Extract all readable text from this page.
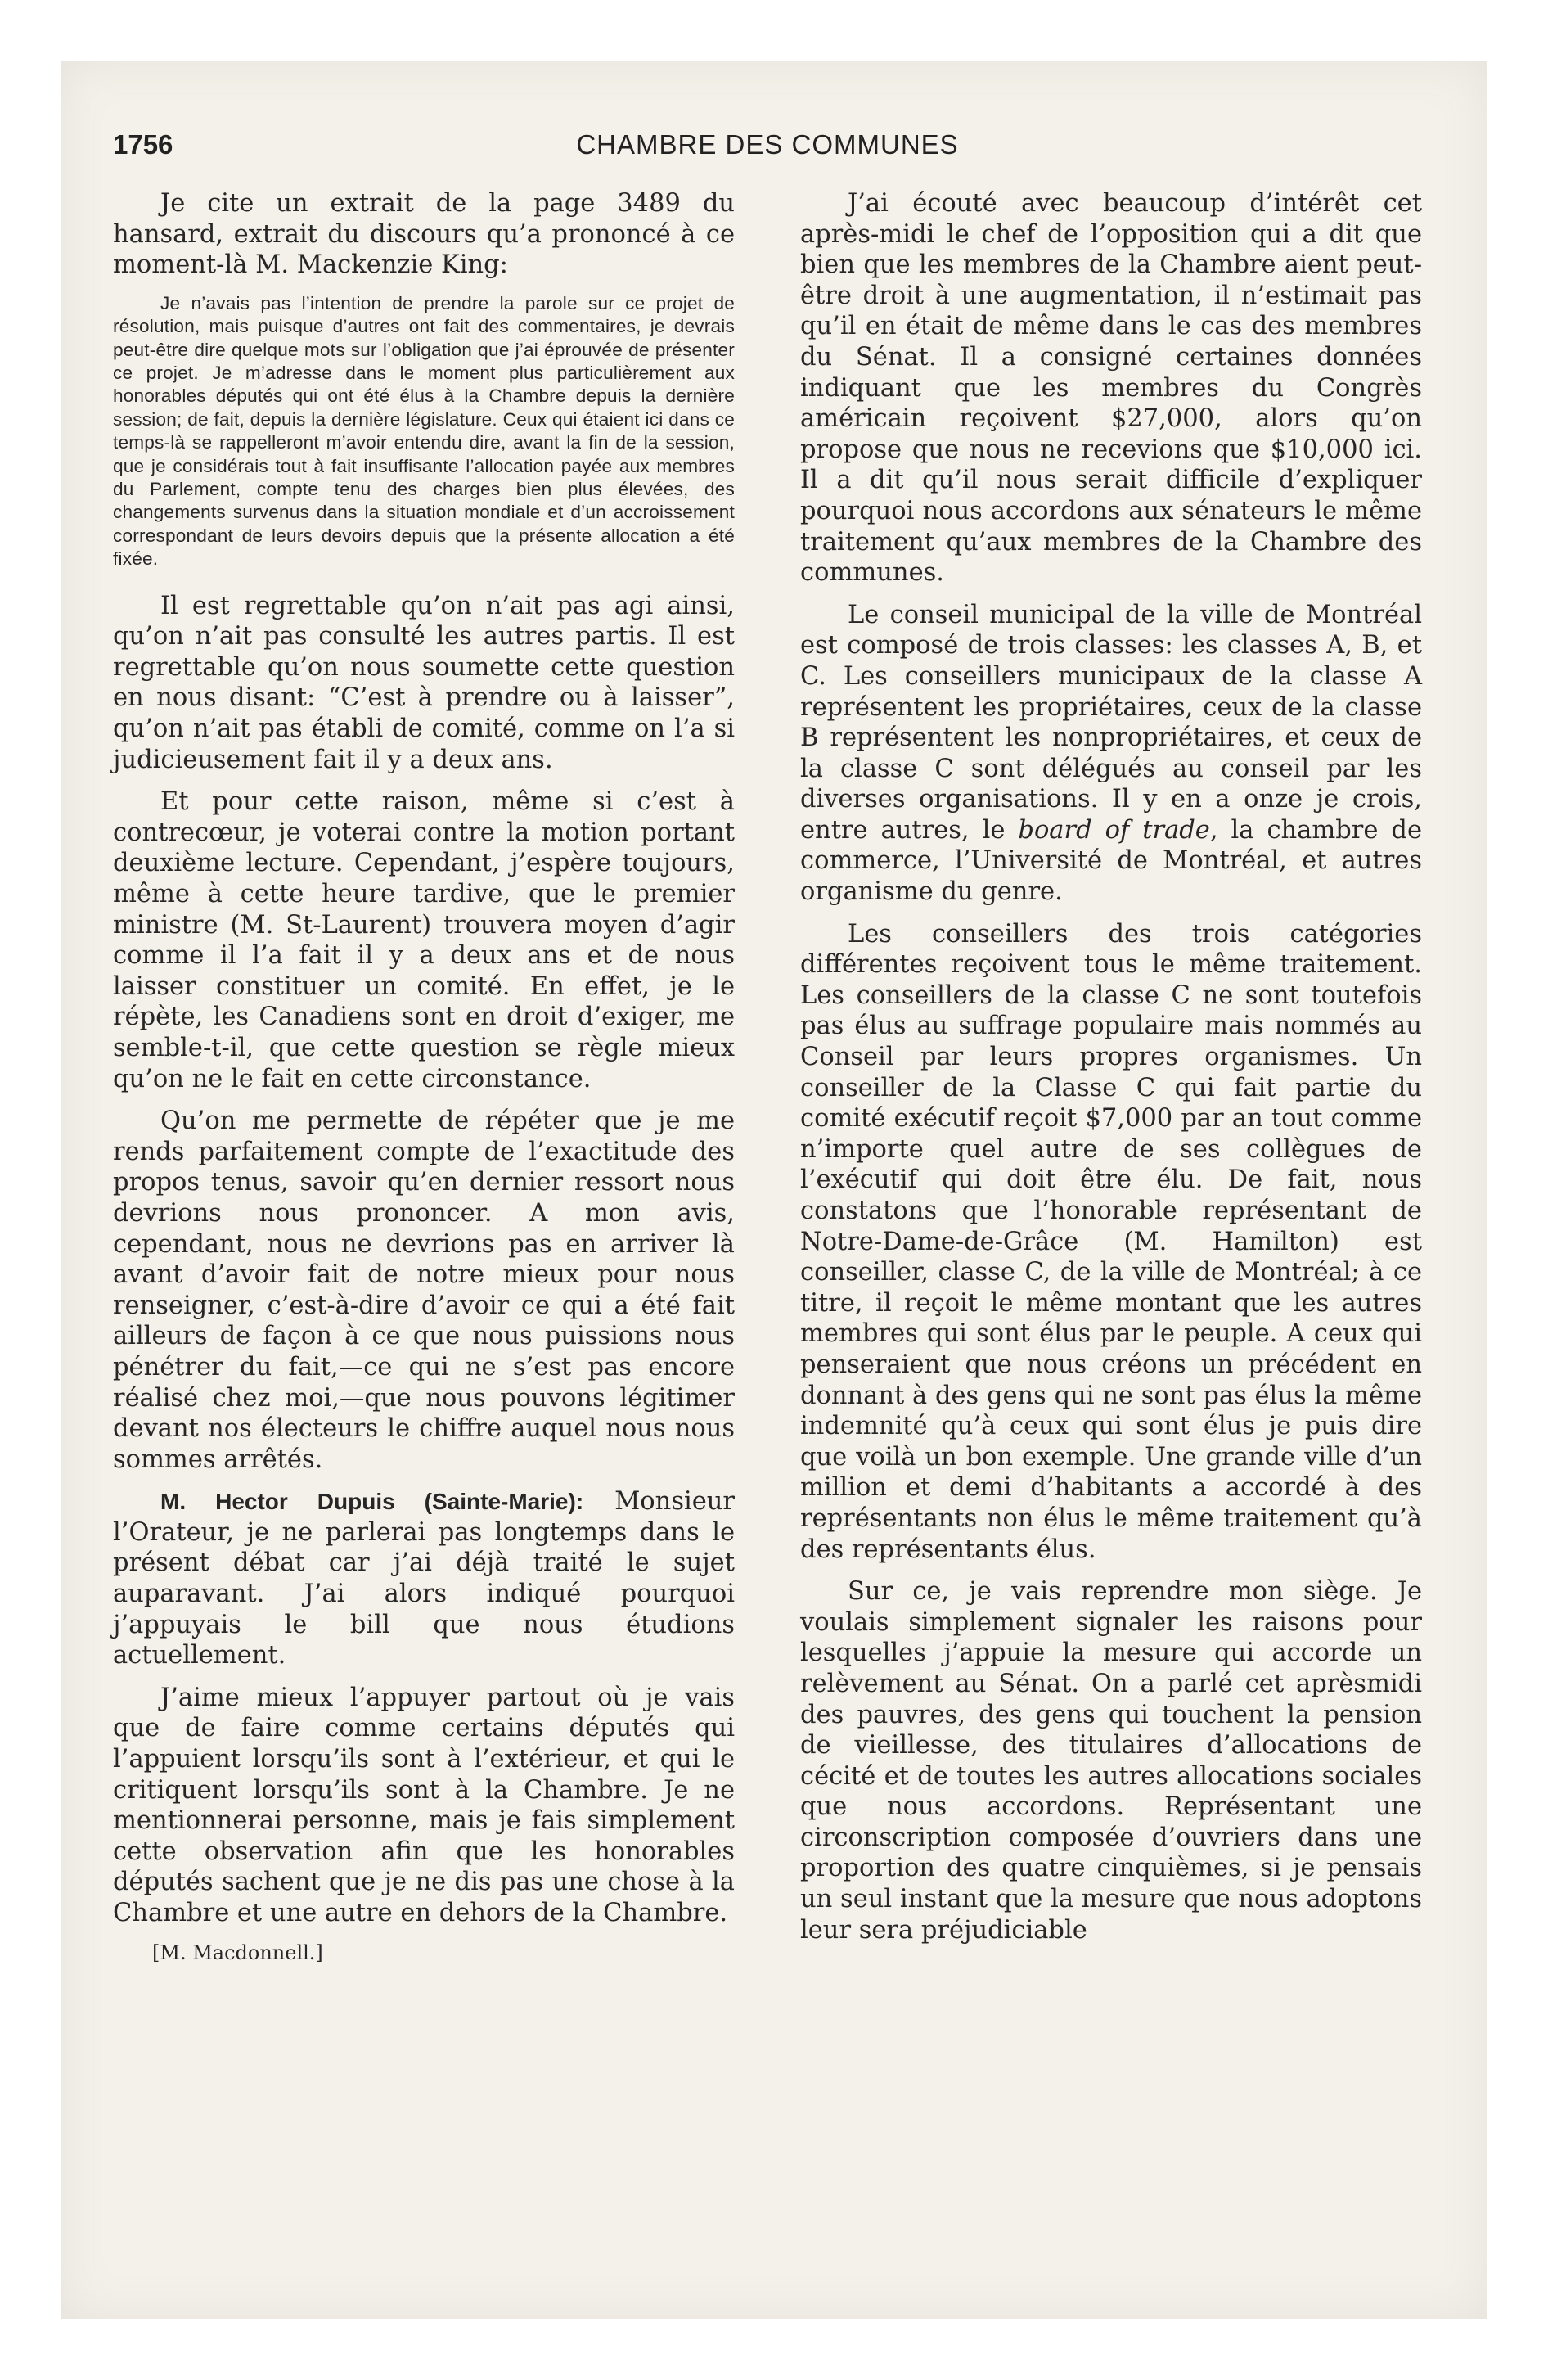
1756	CHAMBRE DES COMMUNES

Je cite un extrait de la page 3489 du hansard, extrait du discours qu’a prononcé à ce moment-là M. Mackenzie King:

Je n’avais pas l’intention de prendre la parole sur ce projet de résolution, mais puisque d’autres ont fait des commentaires, je devrais peut-être dire quelque mots sur l’obligation que j’ai éprouvée de présenter ce projet. Je m’adresse dans le moment plus particulièrement aux honorables députés qui ont été élus à la Chambre depuis la dernière session; de fait, depuis la dernière législature. Ceux qui étaient ici dans ce temps-là se rappelleront m’avoir entendu dire, avant la fin de la session, que je considérais tout à fait insuffisante l’allocation payée aux membres du Parlement, compte tenu des charges bien plus élevées, des changements survenus dans la situation mondiale et d’un accroissement correspondant de leurs devoirs depuis que la présente allocation a été fixée.

Il est regrettable qu’on n’ait pas agi ainsi, qu’on n’ait pas consulté les autres partis. Il est regrettable qu’on nous soumette cette question en nous disant: “C’est à prendre ou à laisser”, qu’on n’ait pas établi de comité, comme on l’a si judicieusement fait il y a deux ans.

Et pour cette raison, même si c’est à contrecœur, je voterai contre la motion portant deuxième lecture. Cependant, j’espère toujours, même à cette heure tardive, que le premier ministre (M. St-Laurent) trouvera moyen d’agir comme il l’a fait il y a deux ans et de nous laisser constituer un comité. En effet, je le répète, les Canadiens sont en droit d’exiger, me semble-t-il, que cette question se règle mieux qu’on ne le fait en cette circonstance.

Qu’on me permette de répéter que je me rends parfaitement compte de l’exactitude des propos tenus, savoir qu’en dernier ressort nous devrions nous prononcer. A mon avis, cependant, nous ne devrions pas en arriver là avant d’avoir fait de notre mieux pour nous renseigner, c’est-à-dire d’avoir ce qui a été fait ailleurs de façon à ce que nous puissions nous pénétrer du fait,—ce qui ne s’est pas encore réalisé chez moi,—que nous pouvons légitimer devant nos électeurs le chiffre auquel nous nous sommes arrêtés.

M. Hector Dupuis (Sainte-Marie): Monsieur l’Orateur, je ne parlerai pas longtemps dans le présent débat car j’ai déjà traité le sujet auparavant. J’ai alors indiqué pourquoi j’appuyais le bill que nous étudions actuellement.

J’aime mieux l’appuyer partout où je vais que de faire comme certains députés qui l’appuient lorsqu’ils sont à l’extérieur, et qui le critiquent lorsqu’ils sont à la Chambre. Je ne mentionnerai personne, mais je fais simplement cette observation afin que les honorables députés sachent que je ne dis pas une chose à la Chambre et une autre en dehors de la Chambre.

[M. Macdonnell.]

J’ai écouté avec beaucoup d’intérêt cet après-midi le chef de l’opposition qui a dit que bien que les membres de la Chambre aient peut-être droit à une augmentation, il n’estimait pas qu’il en était de même dans le cas des membres du Sénat. Il a consigné certaines données indiquant que les membres du Congrès américain reçoivent $27,000, alors qu’on propose que nous ne recevions que $10,000 ici. Il a dit qu’il nous serait difficile d’expliquer pourquoi nous accordons aux sénateurs le même traitement qu’aux membres de la Chambre des communes.

Le conseil municipal de la ville de Montréal est composé de trois classes: les classes A, B, et C. Les conseillers municipaux de la classe A représentent les propriétaires, ceux de la classe B représentent les nonpropriétaires, et ceux de la classe C sont délégués au conseil par les diverses organisations. Il y en a onze je crois, entre autres, le board of trade, la chambre de commerce, l’Université de Montréal, et autres organisme du genre.

Les conseillers des trois catégories différentes reçoivent tous le même traitement. Les conseillers de la classe C ne sont toutefois pas élus au suffrage populaire mais nommés au Conseil par leurs propres organismes. Un conseiller de la Classe C qui fait partie du comité exécutif reçoit $7,000 par an tout comme n’importe quel autre de ses collègues de l’exécutif qui doit être élu. De fait, nous constatons que l’honorable représentant de Notre-Dame-de-Grâce (M. Hamilton) est conseiller, classe C, de la ville de Montréal; à ce titre, il reçoit le même montant que les autres membres qui sont élus par le peuple. A ceux qui penseraient que nous créons un précédent en donnant à des gens qui ne sont pas élus la même indemnité qu’à ceux qui sont élus je puis dire que voilà un bon exemple. Une grande ville d’un million et demi d’habitants a accordé à des représentants non élus le même traitement qu’à des représentants élus.

Sur ce, je vais reprendre mon siège. Je voulais simplement signaler les raisons pour lesquelles j’appuie la mesure qui accorde un relèvement au Sénat. On a parlé cet aprèsmidi des pauvres, des gens qui touchent la pension de vieillesse, des titulaires d’allocations de cécité et de toutes les autres allocations sociales que nous accordons. Représentant une circonscription composée d’ouvriers dans une proportion des quatre cinquièmes, si je pensais un seul instant que la mesure que nous adoptons leur sera préjudiciable
